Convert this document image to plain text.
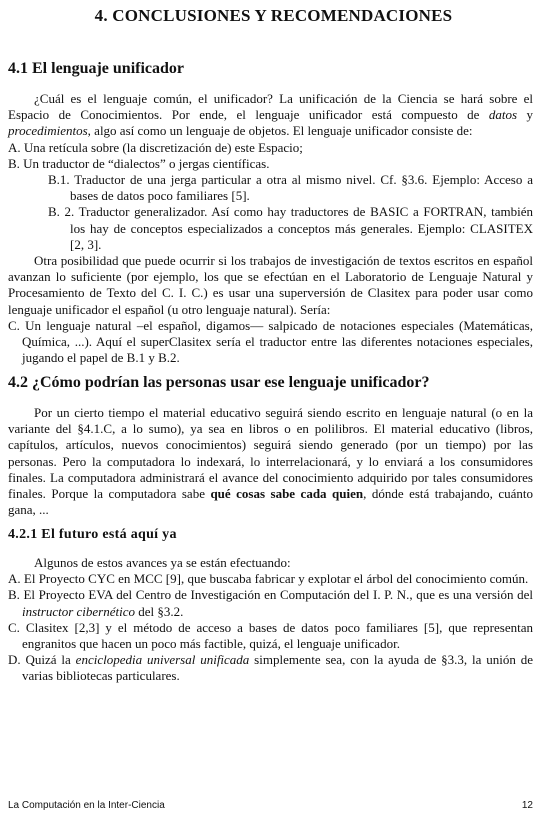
4. CONCLUSIONES Y RECOMENDACIONES
4.1 El lenguaje unificador

¿Cuál es el lenguaje común, el unificador? La unificación de la Ciencia se hará sobre el Espacio de Conocimientos. Por ende, el lenguaje unificador está compuesto de datos y procedimientos, algo así como un lenguaje de objetos. El lenguaje unificador consiste de:

A. Una retícula sobre (la discretización de) este Espacio;
B. Un traductor de “dialectos” o jergas científicas.
B.1. Traductor de una jerga particular a otra al mismo nivel. Cf. §3.6. Ejemplo: Acceso a bases de datos poco familiares [5].
B. 2. Traductor generalizador. Así como hay traductores de BASIC a FORTRAN, también los hay de conceptos especializados a conceptos más generales. Ejemplo: CLASITEX [2, 3].

Otra posibilidad que puede ocurrir si los trabajos de investigación de textos escritos en español avanzan lo suficiente (por ejemplo, los que se efectúan en el Laboratorio de Lenguaje Natural y Procesamiento de Texto del C. I. C.) es usar una superversión de Clasitex para poder usar como lenguaje unificador el español (u otro lenguaje natural). Sería:

C. Un lenguaje natural –el español, digamos— salpicado de notaciones especiales (Matemáticas, Química, ...). Aquí el superClasitex sería el traductor entre las diferentes notaciones especiales, jugando el papel de B.1 y B.2.
4.2 ¿Cómo podrían las personas usar ese lenguaje unificador?

Por un cierto tiempo el material educativo seguirá siendo escrito en lenguaje natural (o en la variante del §4.1.C, a lo sumo), ya sea en libros o en polilibros. El material educativo (libros, capítulos, artículos, nuevos conocimientos) seguirá siendo generado (por un tiempo) por las personas. Pero la computadora lo indexará, lo interrelacionará, y lo enviará a los consumidores finales. La computadora administrará el avance del conocimiento adquirido por tales consumidores finales. Porque la computadora sabe qué cosas sabe cada quien, dónde está trabajando, cuánto gana, ...

4.2.1 El futuro está aquí ya

Algunos de estos avances ya se están efectuando:

A. El Proyecto CYC en MCC [9], que buscaba fabricar y explotar el árbol del conocimiento común.
B. El Proyecto EVA del Centro de Investigación en Computación del I. P. N., que es una versión del instructor cibernético del §3.2.
C. Clasitex [2,3] y el método de acceso a bases de datos poco familiares [5], que representan engranitos que hacen un poco más factible, quizá, el lenguaje unificador.
D. Quizá la enciclopedia universal unificada simplemente sea, con la ayuda de §3.3, la unión de varias bibliotecas particulares.
La Computación en la Inter-Ciencia	12
